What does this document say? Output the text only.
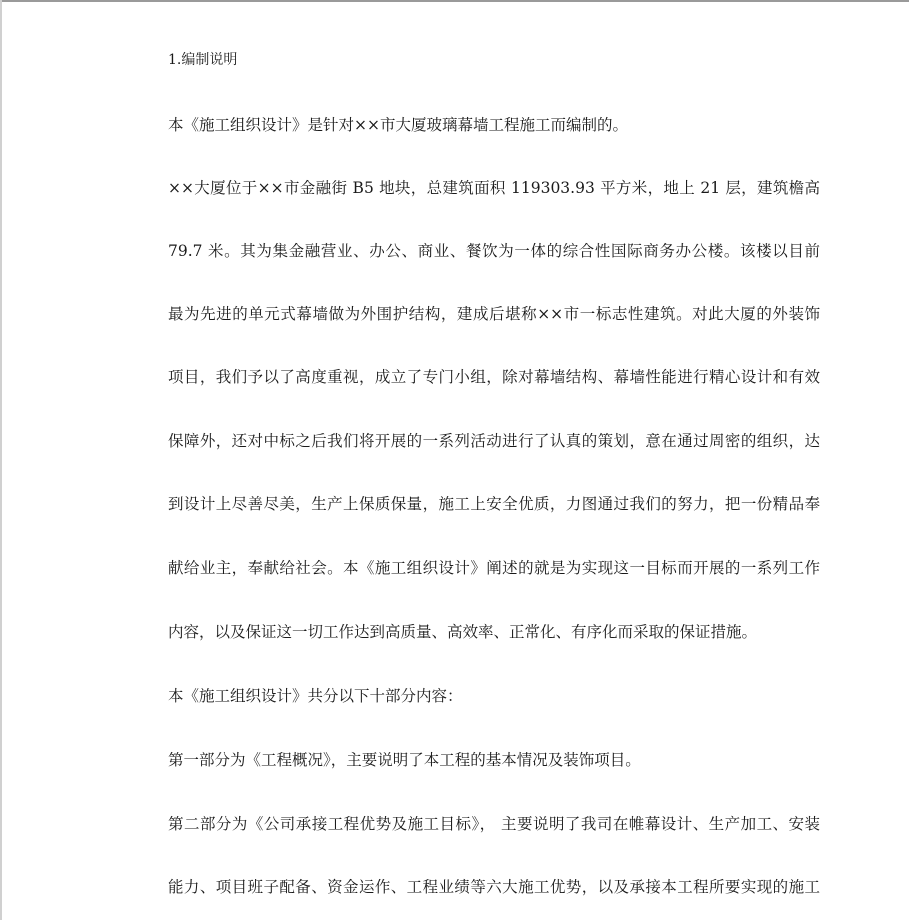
1.编制说明
本《施工组织设计》是针对××市大厦玻璃幕墙工程施工而编制的。
××大厦位于××市金融街 B5 地块，总建筑面积 119303.93 平方米，地上 21 层，建筑檐高
79.7 米。其为集金融营业、办公、商业、餐饮为一体的综合性国际商务办公楼。该楼以目前
最为先进的单元式幕墙做为外围护结构，建成后堪称××市一标志性建筑。对此大厦的外装饰
项目，我们予以了高度重视，成立了专门小组，除对幕墙结构、幕墙性能进行精心设计和有效
保障外，还对中标之后我们将开展的一系列活动进行了认真的策划，意在通过周密的组织，达
到设计上尽善尽美，生产上保质保量，施工上安全优质，力图通过我们的努力，把一份精品奉
献给业主，奉献给社会。本《施工组织设计》阐述的就是为实现这一目标而开展的一系列工作
内容，以及保证这一切工作达到高质量、高效率、正常化、有序化而采取的保证措施。
本《施工组织设计》共分以下十部分内容：
第一部分为《工程概况》，主要说明了本工程的基本情况及装饰项目。
第二部分为《公司承接工程优势及施工目标》， 主要说明了我司在帷幕设计、生产加工、安装
能力、项目班子配备、资金运作、工程业绩等六大施工优势，以及承接本工程所要实现的施工
